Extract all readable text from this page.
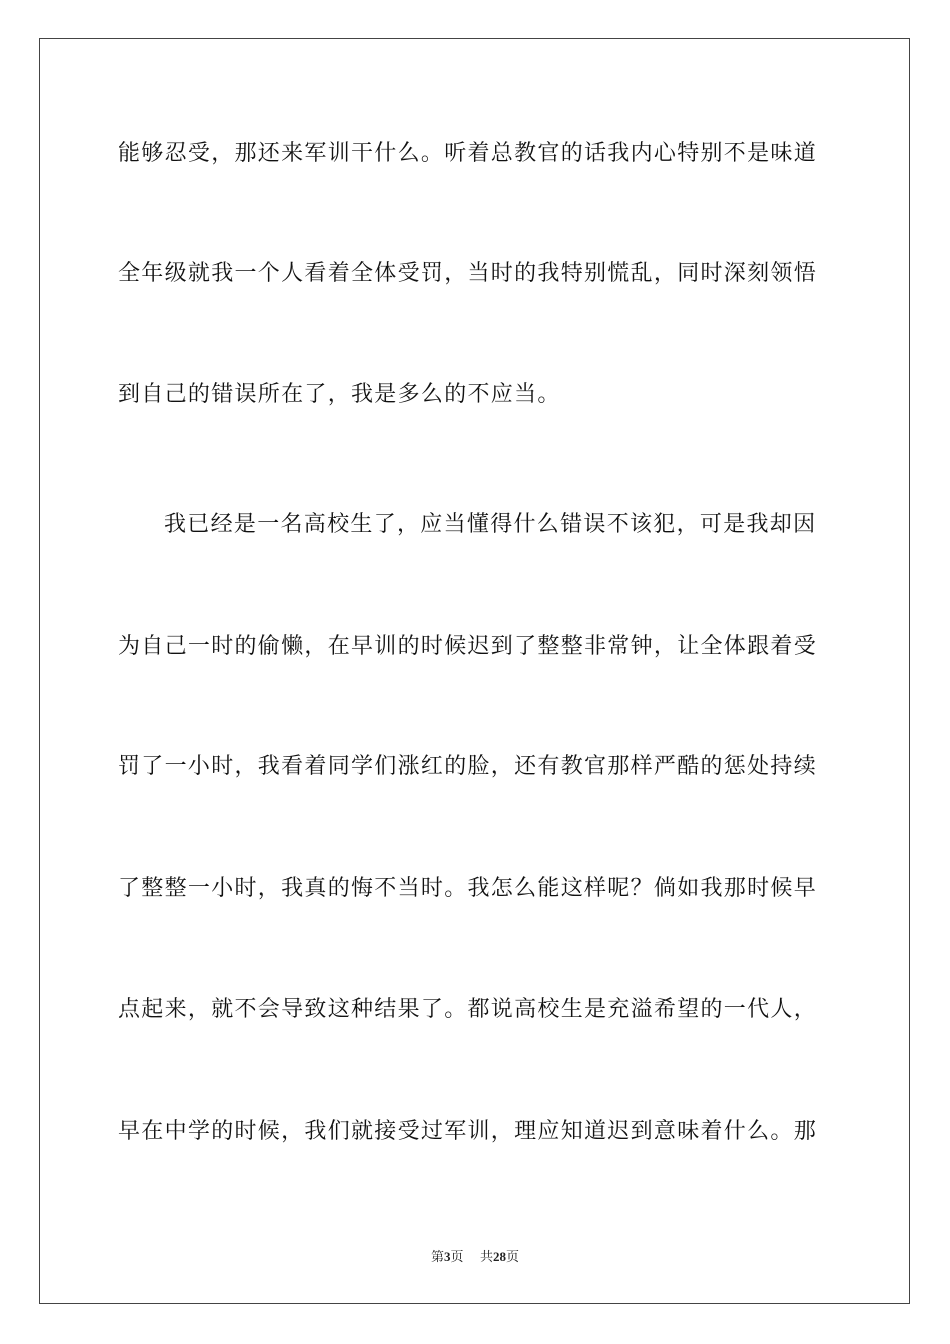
能够忍受，那还来军训干什么。听着总教官的话我内心特别不是味道
全年级就我一个人看着全体受罚，当时的我特别慌乱，同时深刻领悟
到自己的错误所在了，我是多么的不应当。
我已经是一名高校生了，应当懂得什么错误不该犯，可是我却因
为自己一时的偷懒，在早训的时候迟到了整整非常钟，让全体跟着受
罚了一小时，我看着同学们涨红的脸，还有教官那样严酷的惩处持续
了整整一小时，我真的悔不当时。我怎么能这样呢？倘如我那时候早
点起来，就不会导致这种结果了。都说高校生是充溢希望的一代人，
早在中学的时候，我们就接受过军训，理应知道迟到意味着什么。那
第3页 共28页
